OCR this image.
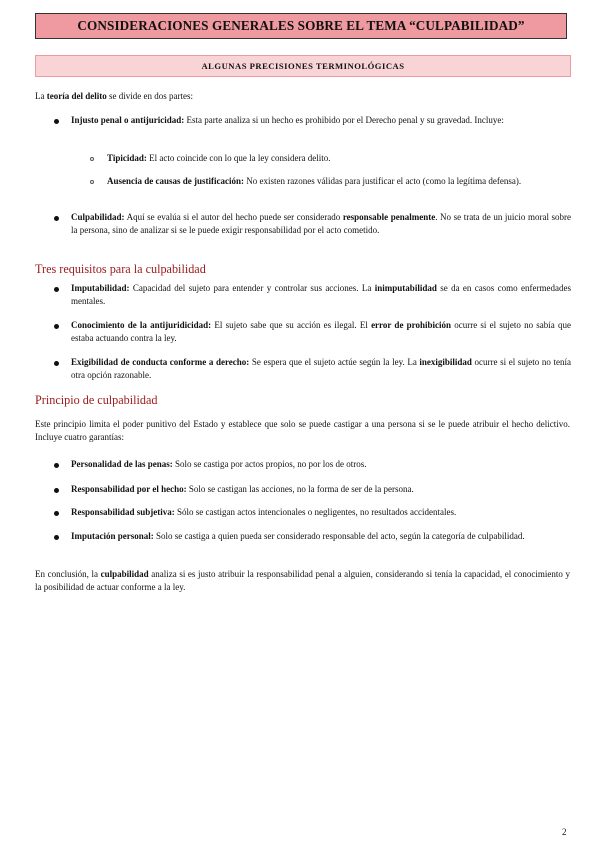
CONSIDERACIONES GENERALES SOBRE EL TEMA “CULPABILIDAD”
ALGUNAS PRECISIONES TERMINOLÓGICAS
La teoría del delito se divide en dos partes:
Injusto penal o antijuricidad: Esta parte analiza si un hecho es prohibido por el Derecho penal y su gravedad. Incluye:
Tipicidad: El acto coincide con lo que la ley considera delito.
Ausencia de causas de justificación: No existen razones válidas para justificar el acto (como la legítima defensa).
Culpabilidad: Aquí se evalúa si el autor del hecho puede ser considerado responsable penalmente. No se trata de un juicio moral sobre la persona, sino de analizar si se le puede exigir responsabilidad por el acto cometido.
Tres requisitos para la culpabilidad
Imputabilidad: Capacidad del sujeto para entender y controlar sus acciones. La inimputabilidad se da en casos como enfermedades mentales.
Conocimiento de la antijuridicidad: El sujeto sabe que su acción es ilegal. El error de prohibición ocurre si el sujeto no sabía que estaba actuando contra la ley.
Exigibilidad de conducta conforme a derecho: Se espera que el sujeto actúe según la ley. La inexigibilidad ocurre si el sujeto no tenía otra opción razonable.
Principio de culpabilidad
Este principio limita el poder punitivo del Estado y establece que solo se puede castigar a una persona si se le puede atribuir el hecho delictivo. Incluye cuatro garantías:
Personalidad de las penas: Solo se castiga por actos propios, no por los de otros.
Responsabilidad por el hecho: Solo se castigan las acciones, no la forma de ser de la persona.
Responsabilidad subjetiva: Sólo se castigan actos intencionales o negligentes, no resultados accidentales.
Imputación personal: Solo se castiga a quien pueda ser considerado responsable del acto, según la categoría de culpabilidad.
En conclusión, la culpabilidad analiza si es justo atribuir la responsabilidad penal a alguien, considerando si tenía la capacidad, el conocimiento y la posibilidad de actuar conforme a la ley.
2
